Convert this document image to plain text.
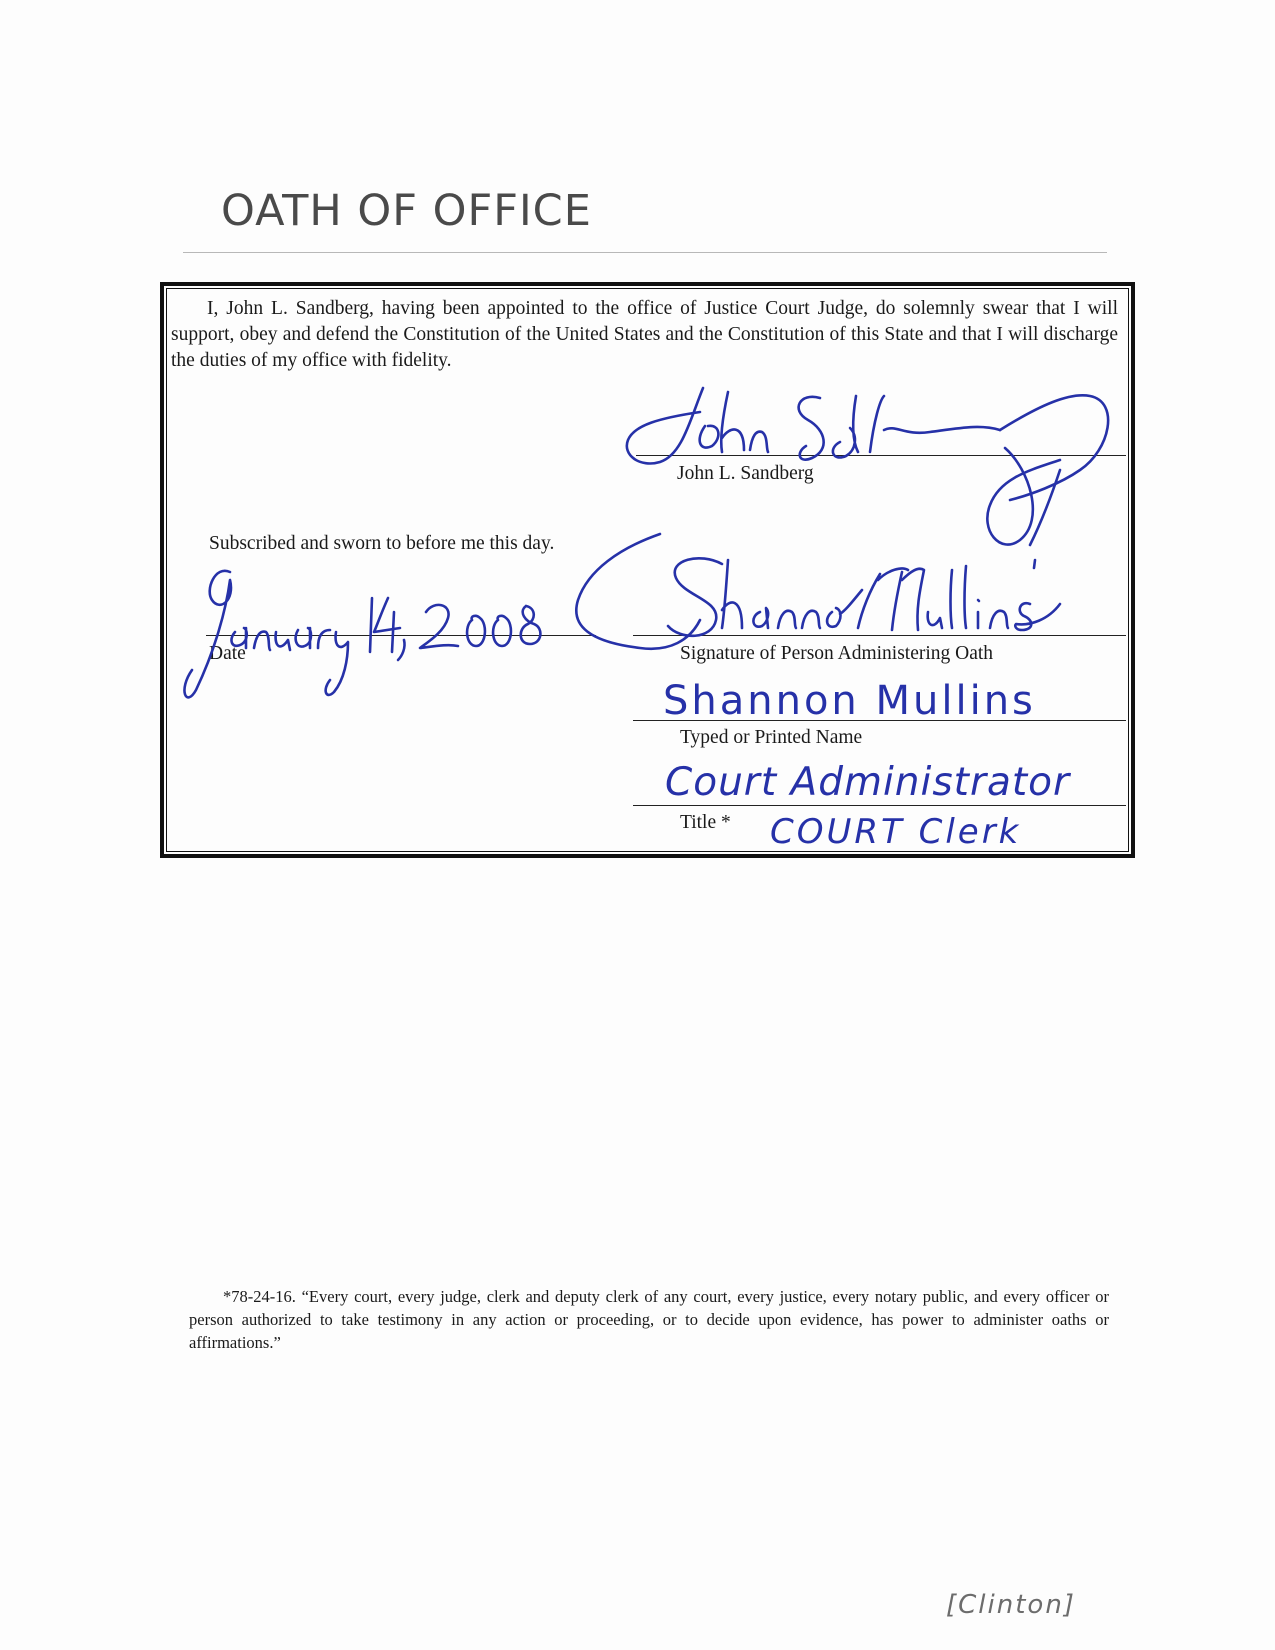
OATH OF OFFICE

I, John L. Sandberg, having been appointed to the office of Justice Court Judge, do solemnly swear that I will support, obey and defend the Constitution of the United States and the Constitution of this State and that I will discharge the duties of my office with fidelity.

John L. Sandberg
Subscribed and sworn to before me this day.
Date	Signature of Person Administering Oath
Typed or Printed Name
Title *
Shannon Mullins
Court Administrator
COURT Clerk

*78-24-16. “Every court, every judge, clerk and deputy clerk of any court, every justice, every notary public, and every officer or person authorized to take testimony in any action or proceeding, or to decide upon evidence, has power to administer oaths or affirmations.”

[Clinton]
